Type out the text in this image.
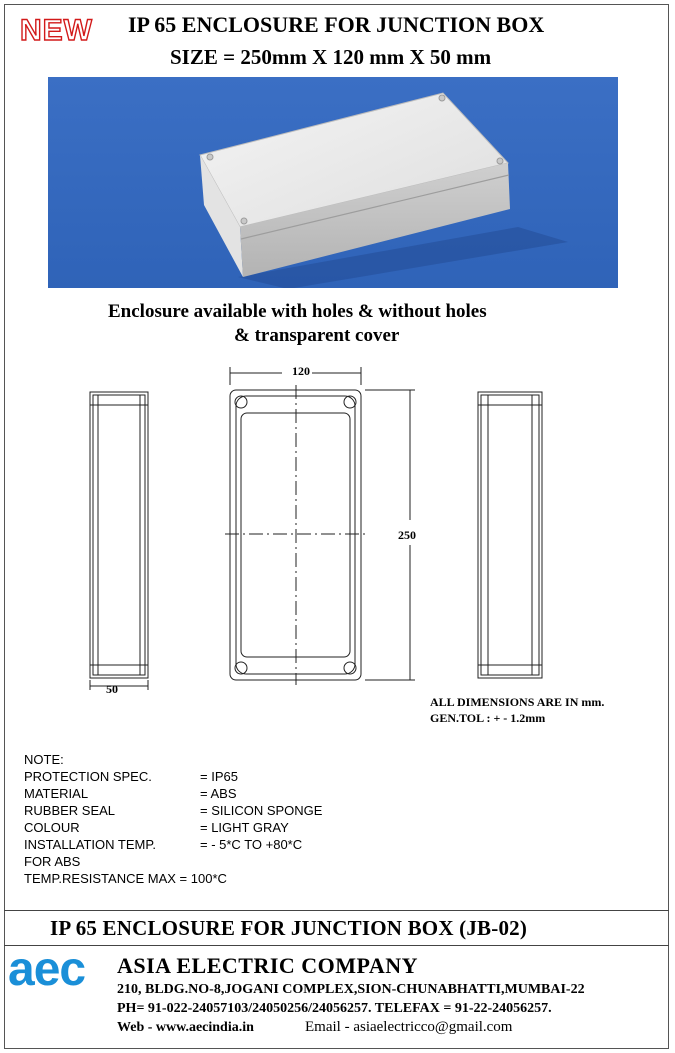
NEW IP 65 ENCLOSURE FOR JUNCTION BOX
SIZE = 250mm X 120 mm X 50 mm
Enclosure available with holes & without holes
& transparent cover
120
250
50
ALL DIMENSIONS ARE IN mm.
GEN.TOL : + - 1.2mm
NOTE:
PROTECTION SPEC.	= IP65
MATERIAL	= ABS
RUBBER SEAL	= SILICON SPONGE
COLOUR	= LIGHT GRAY
INSTALLATION TEMP.	= - 5*C TO +80*C
FOR ABS
TEMP.RESISTANCE MAX = 100*C
IP 65 ENCLOSURE FOR JUNCTION BOX (JB-02)
aec ASIA ELECTRIC COMPANY
210, BLDG.NO-8,JOGANI COMPLEX,SION-CHUNABHATTI,MUMBAI-22
PH= 91-022-24057103/24050256/24056257. TELEFAX = 91-22-24056257.
Web - www.aecindia.in	Email - asiaelectricco@gmail.com
